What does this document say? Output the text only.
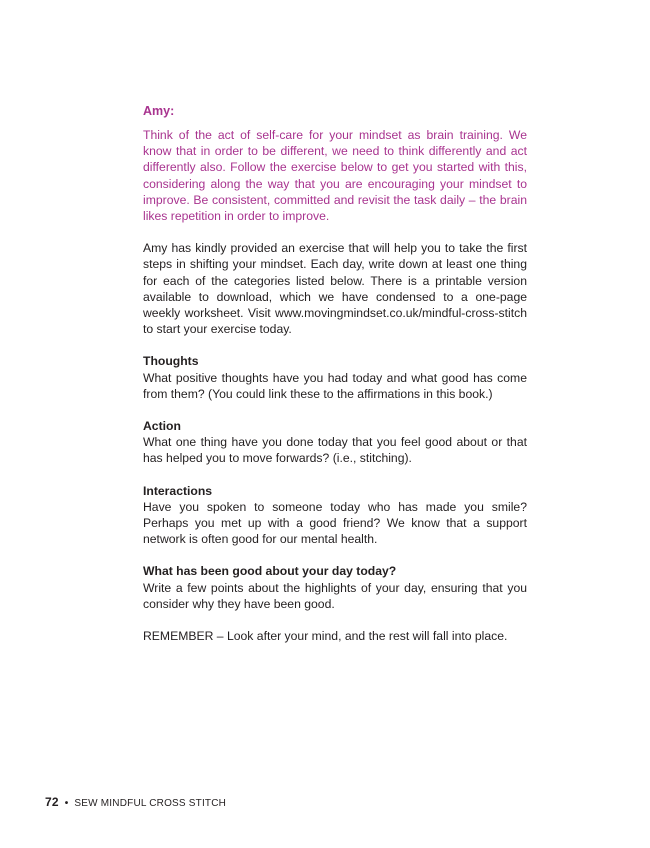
Amy:

Think of the act of self-care for your mindset as brain training. We know that in order to be different, we need to think differently and act differently also. Follow the exercise below to get you started with this, considering along the way that you are encouraging your mindset to improve. Be consistent, committed and revisit the task daily – the brain likes repetition in order to improve.

Amy has kindly provided an exercise that will help you to take the first steps in shifting your mindset. Each day, write down at least one thing for each of the categories listed below. There is a printable version available to download, which we have condensed to a one-page weekly worksheet. Visit www.movingmindset.co.uk/mindful-cross-stitch to start your exercise today.

Thoughts

What positive thoughts have you had today and what good has come from them? (You could link these to the affirmations in this book.)

Action

What one thing have you done today that you feel good about or that has helped you to move forwards? (i.e., stitching).

Interactions

Have you spoken to someone today who has made you smile? Perhaps you met up with a good friend? We know that a support network is often good for our mental health.

What has been good about your day today?

Write a few points about the highlights of your day, ensuring that you consider why they have been good.

REMEMBER – Look after your mind, and the rest will fall into place.

72 • SEW MINDFUL CROSS STITCH
